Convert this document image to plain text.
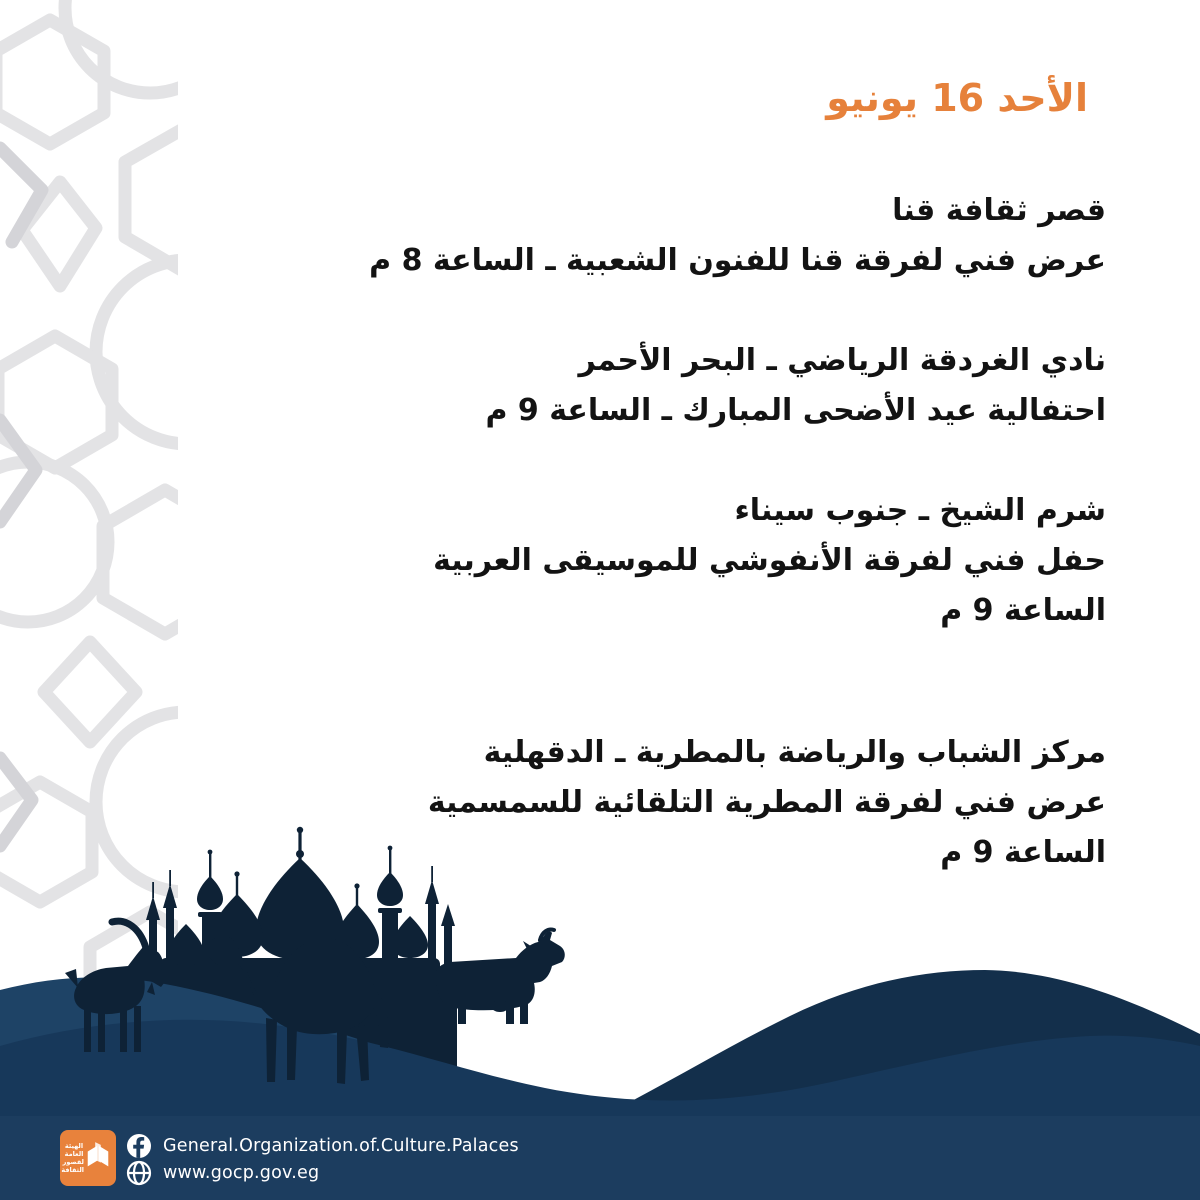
الأحد 16 يونيو
قصر ثقافة قنا
عرض فني لفرقة قنا للفنون الشعبية ـ الساعة 8 م
نادي الغردقة الرياضي ـ البحر الأحمر
احتفالية عيد الأضحى المبارك ـ الساعة 9 م
شرم الشيخ ـ جنوب سيناء
حفل فني لفرقة الأنفوشي للموسيقى العربية
الساعة 9 م
مركز الشباب والرياضة بالمطرية ـ الدقهلية
عرض فني لفرقة المطرية التلقائية للسمسمية
الساعة 9 م
الهيئة
العامة
لقصور
الثقافة
General.Organization.of.Culture.Palaces
www.gocp.gov.eg
